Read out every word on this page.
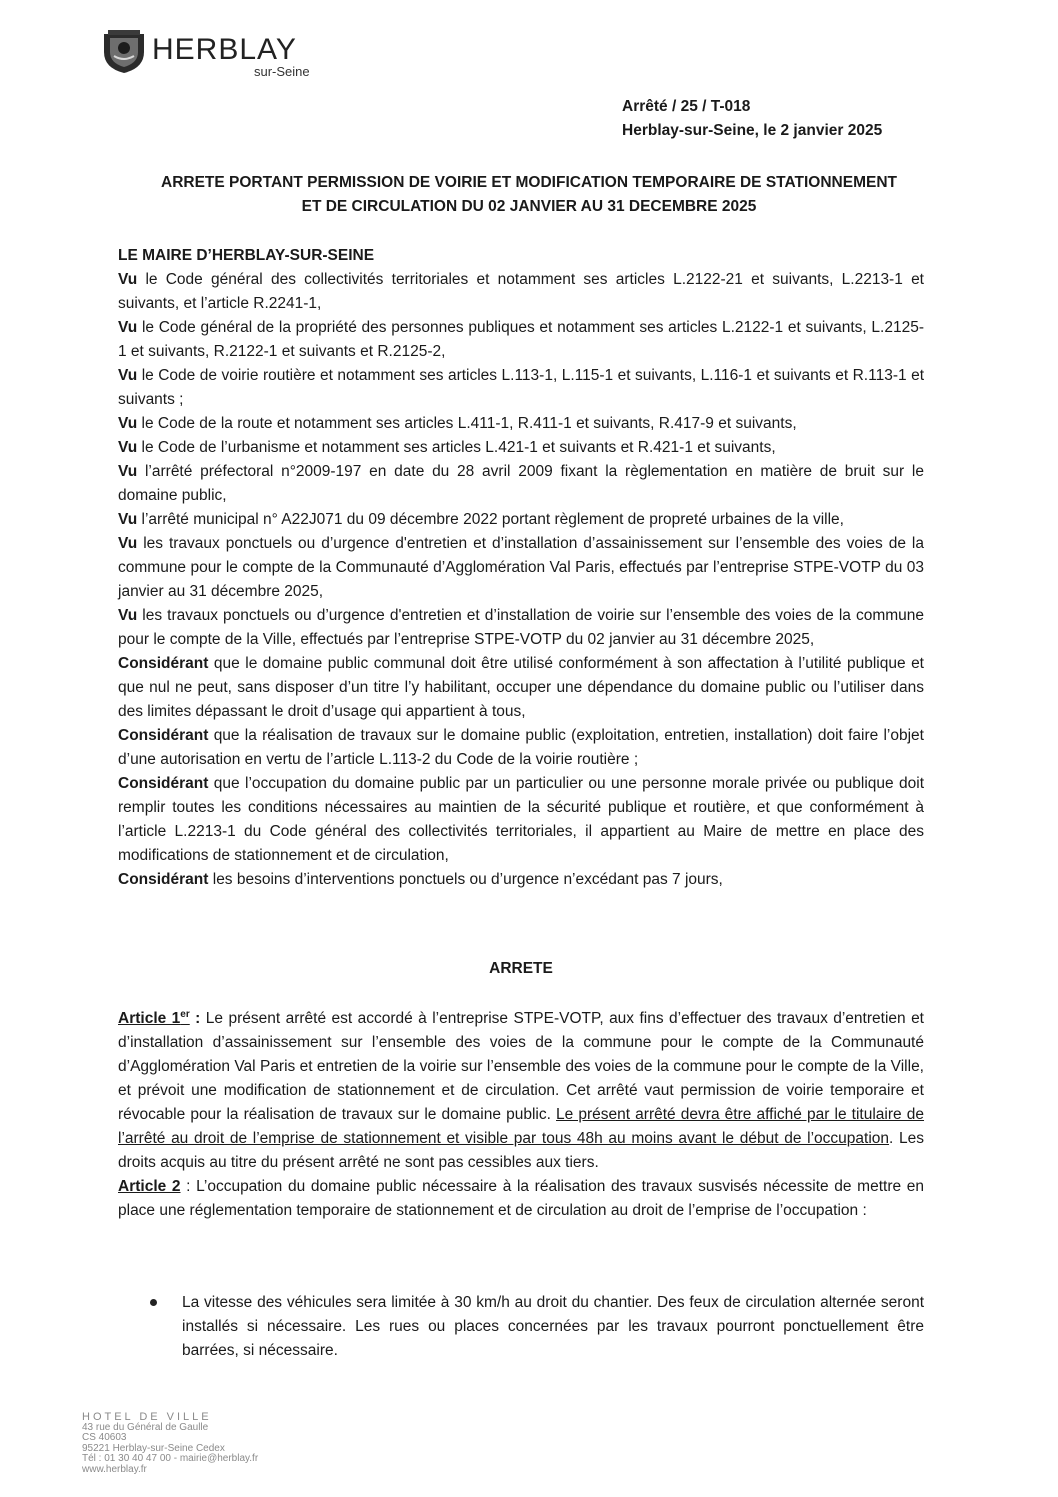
HERBLAY
sur-Seine
Arrêté / 25 / T-018
Herblay-sur-Seine, le 2 janvier 2025
ARRETE PORTANT PERMISSION DE VOIRIE ET MODIFICATION TEMPORAIRE DE STATIONNEMENT
ET DE CIRCULATION DU 02 JANVIER AU 31 DECEMBRE 2025

LE MAIRE D’HERBLAY-SUR-SEINE

Vu le Code général des collectivités territoriales et notamment ses articles L.2122-21 et suivants, L.2213-1 et suivants, et l’article R.2241-1,

Vu le Code général de la propriété des personnes publiques et notamment ses articles L.2122-1 et suivants, L.2125-1 et suivants, R.2122-1 et suivants et R.2125-2,

Vu le Code de voirie routière et notamment ses articles L.113-1, L.115-1 et suivants, L.116-1 et suivants et R.113-1 et suivants ;

Vu le Code de la route et notamment ses articles L.411-1, R.411-1 et suivants, R.417-9 et suivants,

Vu le Code de l’urbanisme et notamment ses articles L.421-1 et suivants et R.421-1 et suivants,

Vu l’arrêté préfectoral n°2009-197 en date du 28 avril 2009 fixant la règlementation en matière de bruit sur le domaine public,

Vu l’arrêté municipal n° A22J071 du 09 décembre 2022 portant règlement de propreté urbaines de la ville,

Vu les travaux ponctuels ou d’urgence d'entretien et d’installation d’assainissement sur l’ensemble des voies de la commune pour le compte de la Communauté d’Agglomération Val Paris, effectués par l’entreprise STPE-VOTP du 03 janvier au 31 décembre 2025,

Vu les travaux ponctuels ou d’urgence d'entretien et d’installation de voirie sur l’ensemble des voies de la commune pour le compte de la Ville, effectués par l’entreprise STPE-VOTP du 02 janvier au 31 décembre 2025,

Considérant que le domaine public communal doit être utilisé conformément à son affectation à l’utilité publique et que nul ne peut, sans disposer d’un titre l’y habilitant, occuper une dépendance du domaine public ou l’utiliser dans des limites dépassant le droit d’usage qui appartient à tous,

Considérant que la réalisation de travaux sur le domaine public (exploitation, entretien, installation) doit faire l’objet d’une autorisation en vertu de l’article L.113-2 du Code de la voirie routière ;

Considérant que l’occupation du domaine public par un particulier ou une personne morale privée ou publique doit remplir toutes les conditions nécessaires au maintien de la sécurité publique et routière, et que conformément à l’article L.2213-1 du Code général des collectivités territoriales, il appartient au Maire de mettre en place des modifications de stationnement et de circulation,

Considérant les besoins d’interventions ponctuels ou d’urgence n’excédant pas 7 jours,

ARRETE

Article 1er : Le présent arrêté est accordé à l’entreprise STPE-VOTP, aux fins d’effectuer des travaux d’entretien et d’installation d’assainissement sur l’ensemble des voies de la commune pour le compte de la Communauté d’Agglomération Val Paris et entretien de la voirie sur l’ensemble des voies de la commune pour le compte de la Ville, et prévoit une modification de stationnement et de circulation. Cet arrêté vaut permission de voirie temporaire et révocable pour la réalisation de travaux sur le domaine public. Le présent arrêté devra être affiché par le titulaire de l’arrêté au droit de l’emprise de stationnement et visible par tous 48h au moins avant le début de l’occupation. Les droits acquis au titre du présent arrêté ne sont pas cessibles aux tiers.

Article 2 : L’occupation du domaine public nécessaire à la réalisation des travaux susvisés nécessite de mettre en place une réglementation temporaire de stationnement et de circulation au droit de l’emprise de l’occupation :

La vitesse des véhicules sera limitée à 30 km/h au droit du chantier. Des feux de circulation alternée seront installés si nécessaire. Les rues ou places concernées par les travaux pourront ponctuellement être barrées, si nécessaire.
HOTEL DE VILLE
43 rue du Général de Gaulle
CS 40603
95221 Herblay-sur-Seine Cedex
Tél : 01 30 40 47 00 - mairie@herblay.fr
www.herblay.fr
